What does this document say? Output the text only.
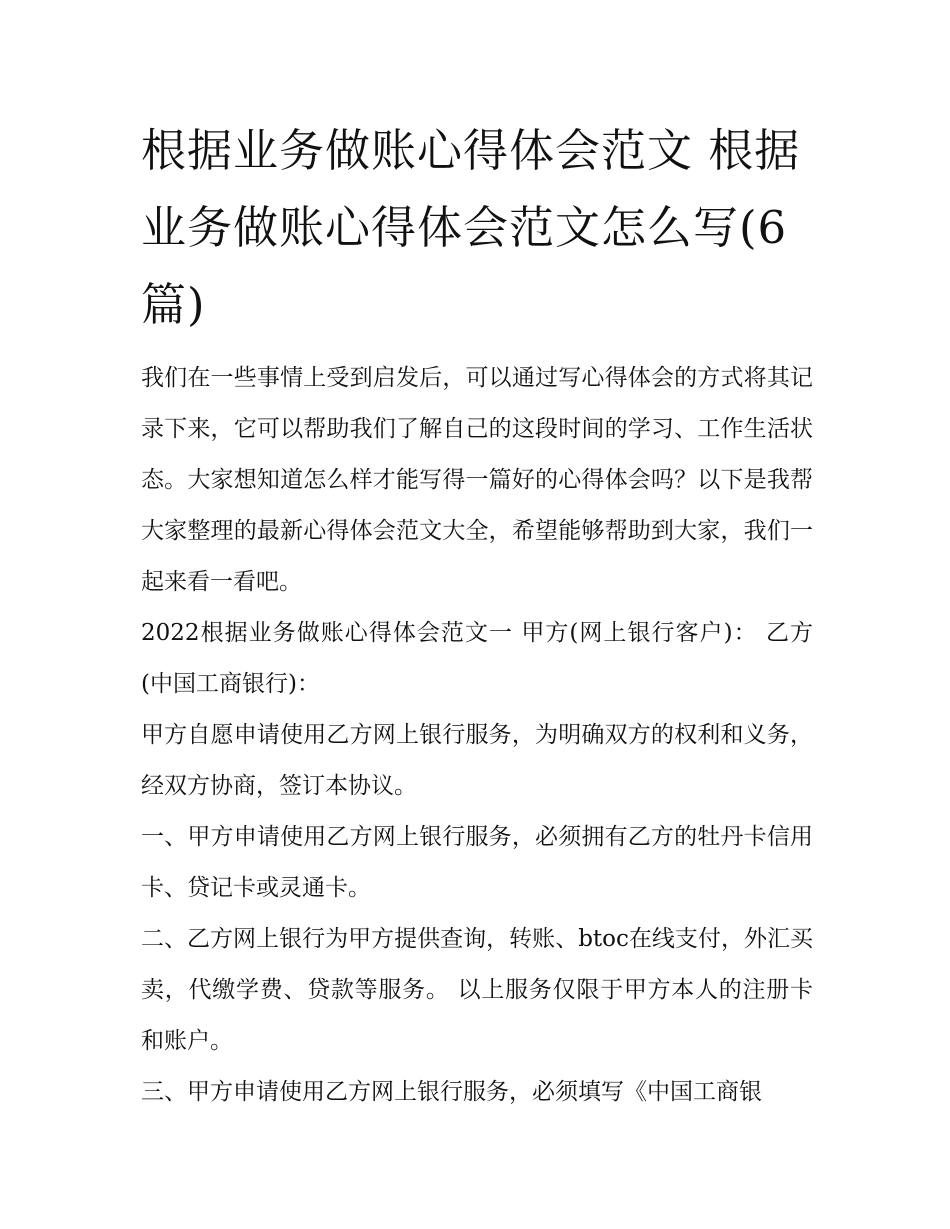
根据业务做账心得体会范文 根据业务做账心得体会范文怎么写(6篇)

我们在一些事情上受到启发后，可以通过写心得体会的方式将其记录下来，它可以帮助我们了解自己的这段时间的学习、工作生活状态。大家想知道怎么样才能写得一篇好的心得体会吗？以下是我帮大家整理的最新心得体会范文大全，希望能够帮助到大家，我们一起来看一看吧。

2022根据业务做账心得体会范文一 甲方(网上银行客户)： 乙方(中国工商银行)：

甲方自愿申请使用乙方网上银行服务，为明确双方的权利和义务，经双方协商，签订本协议。

一、甲方申请使用乙方网上银行服务，必须拥有乙方的牡丹卡信用卡、贷记卡或灵通卡。

二、乙方网上银行为甲方提供查询，转账、btoc在线支付，外汇买卖，代缴学费、贷款等服务。 以上服务仅限于甲方本人的注册卡和账户。

三、甲方申请使用乙方网上银行服务，必须填写《中国工商银
